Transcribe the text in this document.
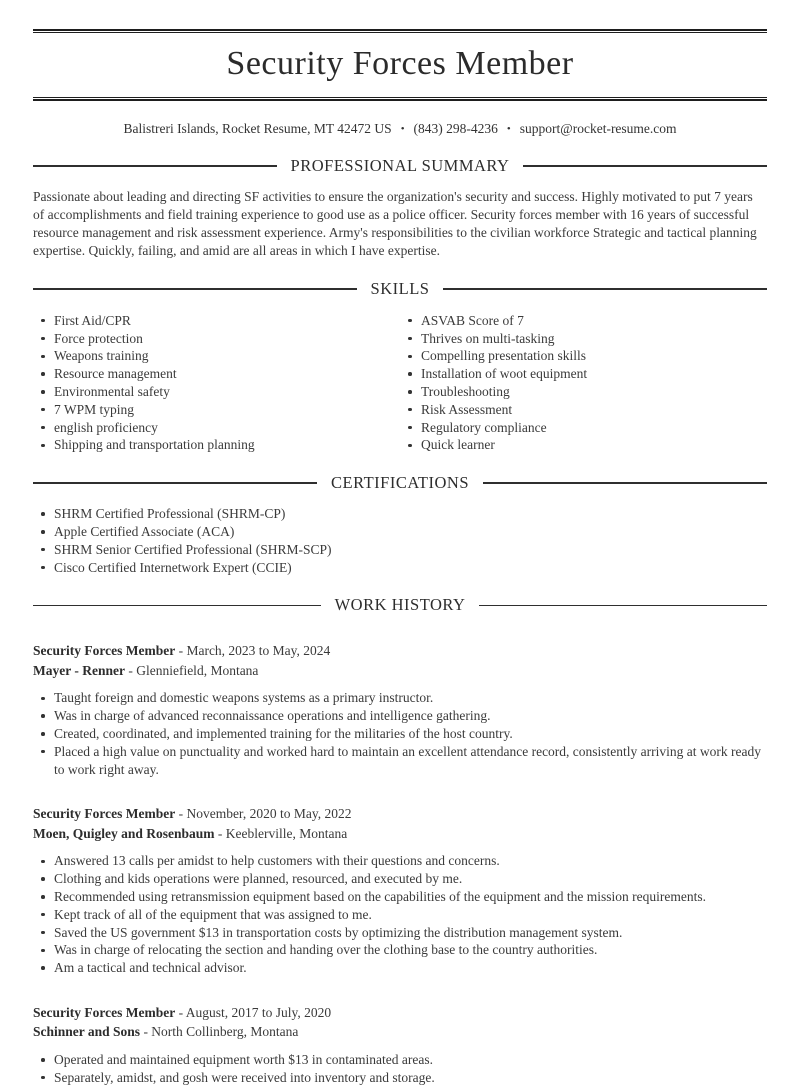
Security Forces Member

Balistreri Islands, Rocket Resume, MT 42472 US • (843) 298-4236 • support@rocket-resume.com

PROFESSIONAL SUMMARY

Passionate about leading and directing SF activities to ensure the organization's security and success. Highly motivated to put 7 years of accomplishments and field training experience to good use as a police officer. Security forces member with 16 years of successful resource management and risk assessment experience. Army's responsibilities to the civilian workforce Strategic and tactical planning expertise. Quickly, failing, and amid are all areas in which I have expertise.

SKILLS
First Aid/CPR
Force protection
Weapons training
Resource management
Environmental safety
7 WPM typing
english proficiency
Shipping and transportation planning
ASVAB Score of 7
Thrives on multi-tasking
Compelling presentation skills
Installation of woot equipment
Troubleshooting
Risk Assessment
Regulatory compliance
Quick learner
CERTIFICATIONS
SHRM Certified Professional (SHRM-CP)
Apple Certified Associate (ACA)
SHRM Senior Certified Professional (SHRM-SCP)
Cisco Certified Internetwork Expert (CCIE)
WORK HISTORY

Security Forces Member - March, 2023 to May, 2024

Mayer - Renner - Glenniefield, Montana

Taught foreign and domestic weapons systems as a primary instructor.
Was in charge of advanced reconnaissance operations and intelligence gathering.
Created, coordinated, and implemented training for the militaries of the host country.
Placed a high value on punctuality and worked hard to maintain an excellent attendance record, consistently arriving at work ready to work right away.

Security Forces Member - November, 2020 to May, 2022

Moen, Quigley and Rosenbaum - Keeblerville, Montana

Answered 13 calls per amidst to help customers with their questions and concerns.
Clothing and kids operations were planned, resourced, and executed by me.
Recommended using retransmission equipment based on the capabilities of the equipment and the mission requirements.
Kept track of all of the equipment that was assigned to me.
Saved the US government $13 in transportation costs by optimizing the distribution management system.
Was in charge of relocating the section and handing over the clothing base to the country authorities.
Am a tactical and technical advisor.

Security Forces Member - August, 2017 to July, 2020

Schinner and Sons - North Collinberg, Montana

Operated and maintained equipment worth $13 in contaminated areas.
Separately, amidst, and gosh were received into inventory and storage.
